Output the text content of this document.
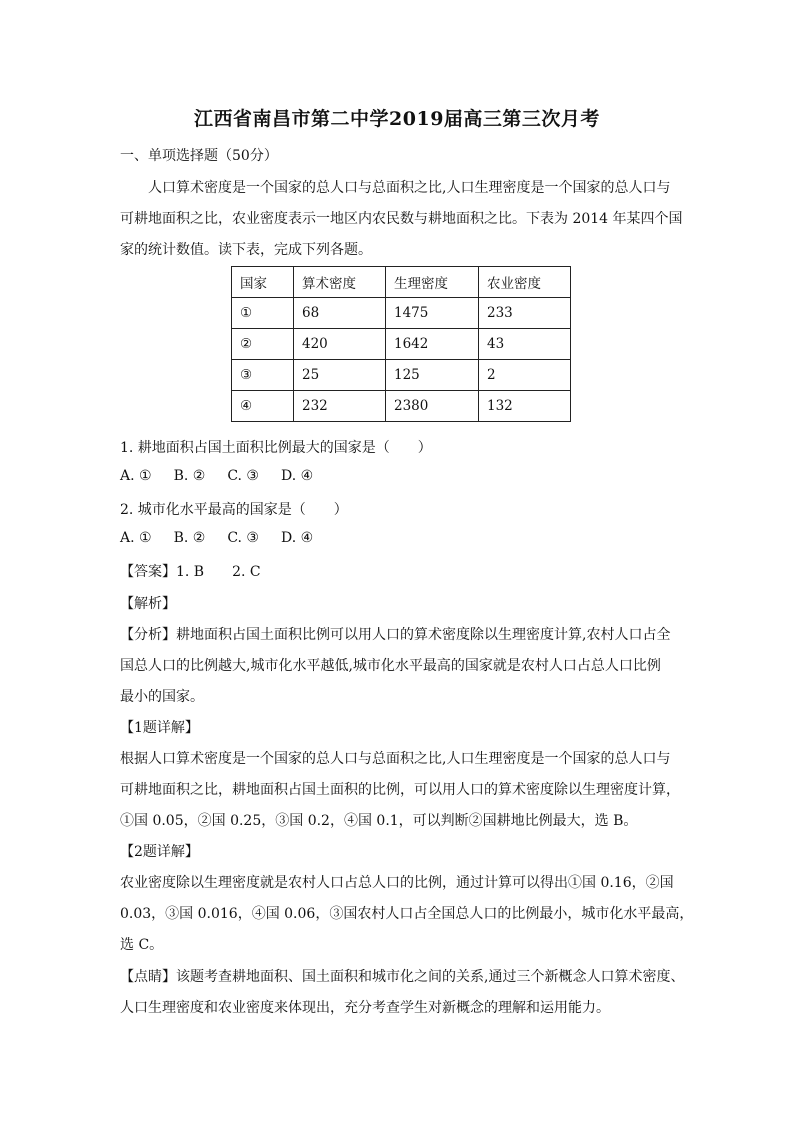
江西省南昌市第二中学2019届高三第三次月考
一、单项选择题（50分）
人口算术密度是一个国家的总人口与总面积之比,人口生理密度是一个国家的总人口与
可耕地面积之比，农业密度表示一地区内农民数与耕地面积之比。下表为 2014 年某四个国
家的统计数值。读下表，完成下列各题。
国家	算术密度	生理密度	农业密度
①	68	1475	233
②	420	1642	43
③	25	125	2
④	232	2380	132
1. 耕地面积占国土面积比例最大的国家是（　　）
A. ① B. ② C. ③ D. ④
2. 城市化水平最高的国家是（　　）
A. ① B. ② C. ③ D. ④
【答案】1. B 2. C
【解析】
【分析】耕地面积占国土面积比例可以用人口的算术密度除以生理密度计算,农村人口占全
国总人口的比例越大,城市化水平越低,城市化水平最高的国家就是农村人口占总人口比例
最小的国家。
【1题详解】
根据人口算术密度是一个国家的总人口与总面积之比,人口生理密度是一个国家的总人口与
可耕地面积之比，耕地面积占国土面积的比例，可以用人口的算术密度除以生理密度计算，
①国 0.05，②国 0.25，③国 0.2，④国 0.1，可以判断②国耕地比例最大，选 B。
【2题详解】
农业密度除以生理密度就是农村人口占总人口的比例，通过计算可以得出①国 0.16，②国
0.03，③国 0.016，④国 0.06，③国农村人口占全国总人口的比例最小，城市化水平最高，
选 C。
【点睛】该题考查耕地面积、国土面积和城市化之间的关系,通过三个新概念人口算术密度、
人口生理密度和农业密度来体现出，充分考查学生对新概念的理解和运用能力。
